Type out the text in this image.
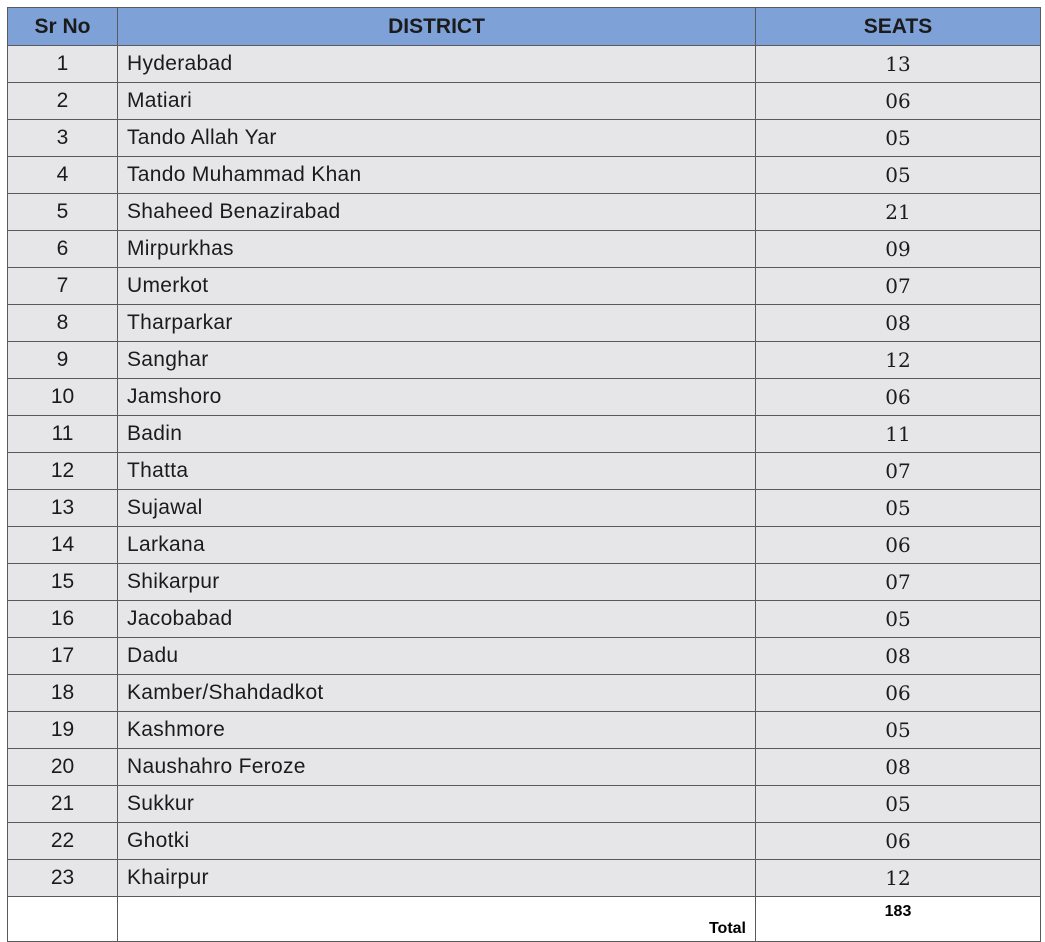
Sr No	DISTRICT	SEATS
1	Hyderabad	13
2	Matiari	06
3	Tando Allah Yar	05
4	Tando Muhammad Khan	05
5	Shaheed Benazirabad	21
6	Mirpurkhas	09
7	Umerkot	07
8	Tharparkar	08
9	Sanghar	12
10	Jamshoro	06
11	Badin	11
12	Thatta	07
13	Sujawal	05
14	Larkana	06
15	Shikarpur	07
16	Jacobabad	05
17	Dadu	08
18	Kamber/Shahdadkot	06
19	Kashmore	05
20	Naushahro Feroze	08
21	Sukkur	05
22	Ghotki	06
23	Khairpur	12
	Total	183
